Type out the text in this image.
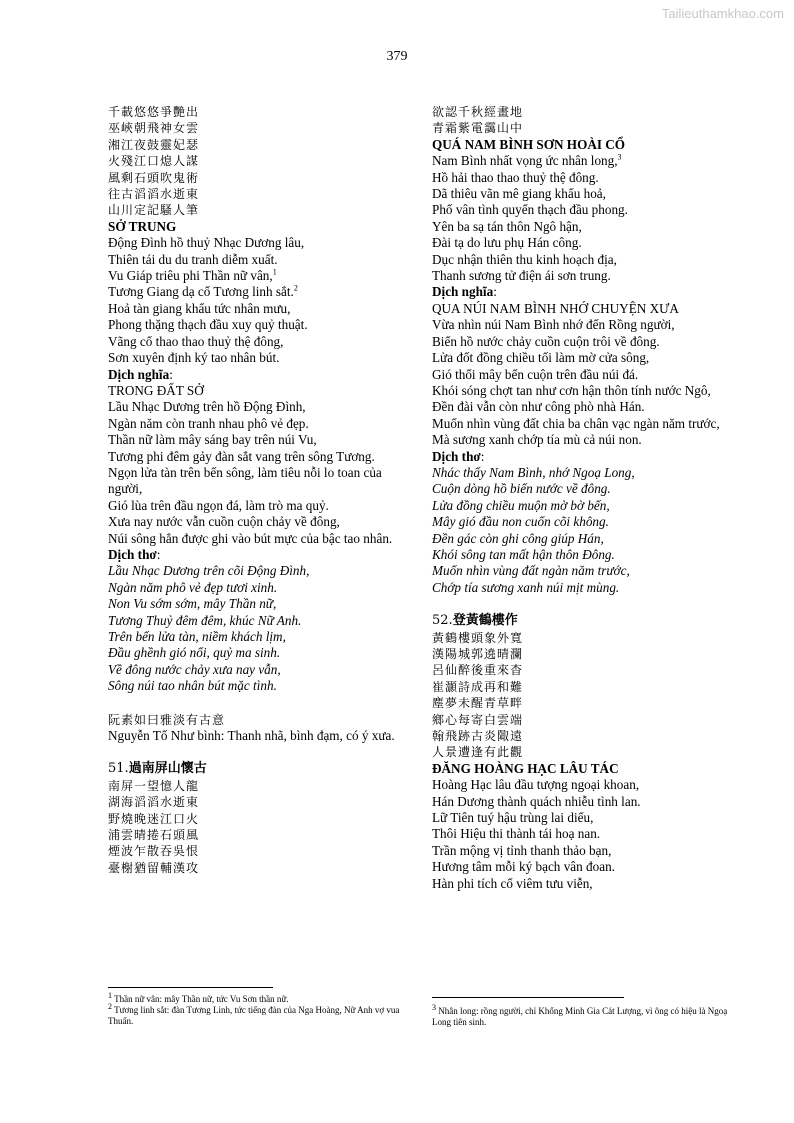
Tailieuthamkhao.com
379
千載悠悠爭艷出
巫峽朝飛神女雲
湘江夜鼓靈妃瑟
火殘江口熄人謀
風剩石頭吹鬼術
往古滔滔水逝東
山川定記騷人筆
SỞ TRUNG
Động Đình hồ thuỷ Nhạc Dương lâu,
Thiên tái du du tranh diễm xuất.
Vu Giáp triêu phi Thần nữ vân,$^1$
Tương Giang dạ cổ Tương linh sắt.$^2$
Hoả tàn giang khẩu tức nhân mưu,
Phong thặng thạch đầu xuy quỷ thuật.
Vãng cổ thao thao thuỷ thệ đông,
Sơn xuyên định ký tao nhân bút.
Dịch nghĩa:
TRONG ĐẤT SỞ
Lầu Nhạc Dương trên hồ Động Đình,
Ngàn năm còn tranh nhau phô vẻ đẹp.
Thần nữ làm mây sáng bay trên núi Vu,
Tương phi đêm gảy đàn sắt vang trên sông Tương.
Ngọn lửa tàn trên bến sông, làm tiêu nỗi lo toan của người,
Gió lùa trên đầu ngọn đá, làm trò ma quỷ.
Xưa nay nước vẫn cuồn cuộn chảy về đông,
Núi sông hẳn được ghi vào bút mực của bậc tao nhân.
Dịch thơ:
Lầu Nhạc Dương trên cõi Động Đình,
Ngàn năm phô vẻ đẹp tươi xinh.
Non Vu sớm sớm, mây Thần nữ,
Tương Thuỷ đêm đêm, khúc Nữ Anh.
Trên bến lửa tàn, niềm khách lịm,
Đầu ghềnh gió nổi, quỷ ma sinh.
Về đông nước chảy xưa nay vẫn,
Sông núi tao nhân bút mặc tình.
阮素如曰雅淡有古意
Nguyễn Tố Như bình: Thanh nhã, bình đạm, có ý xưa.
51.過南屏山懷古
南屏一望憶人龍
湖海滔滔水逝東
野燒晚迷江口火
浦雲晴捲石頭風
煙波乍散吞吳恨
臺榭猶留輔漢攻
欲認千秋經畫地
青霜紫電靄山中
QUÁ NAM BÌNH SƠN HOÀI CỔ
Nam Bình nhất vọng ức nhân long,$^3$
Hồ hải thao thao thuỷ thệ đông.
Dã thiêu vãn mê giang khẩu hoả,
Phố vân tình quyển thạch đầu phong.
Yên ba sạ tán thôn Ngô hận,
Đài tạ do lưu phụ Hán công.
Dục nhận thiên thu kinh hoạch địa,
Thanh sương tử điện ái sơn trung.
Dịch nghĩa:
QUA NÚI NAM BÌNH NHỚ CHUYỆN XƯA
Vừa nhìn núi Nam Bình nhớ đến Rồng người,
Biển hồ nước chảy cuồn cuộn trôi về đông.
Lửa đốt đồng chiều tối làm mờ cửa sông,
Gió thổi mây bến cuộn trên đầu núi đá.
Khói sóng chợt tan như cơn hận thôn tính nước Ngô,
Đền đài vẫn còn như công phò nhà Hán.
Muốn nhìn vùng đất chia ba chân vạc ngàn năm trước,
Mà sương xanh chớp tía mù cả núi non.
Dịch thơ:
Nhác thấy Nam Bình, nhớ Ngoạ Long,
Cuộn dòng hồ biển nước về đông.
Lửa đồng chiều muộn mờ bờ bến,
Mây gió đầu non cuốn cõi không.
Đền gác còn ghi công giúp Hán,
Khói sông tan mất hận thôn Đông.
Muốn nhìn vùng đất ngàn năm trước,
Chớp tía sương xanh núi mịt mùng.
52.登黃鶴樓作
黃鶴樓頭象外寬
漢陽城郭遶晴瀾
呂仙醉後重來杳
崔灝詩成再和難
塵夢未醒青草畔
鄉心每寄白雲端
翰飛跡古炎陬遠
人景遭逢有此觀
ĐĂNG HOÀNG HẠC LÂU TÁC
Hoàng Hạc lâu đầu tượng ngoại khoan,
Hán Dương thành quách nhiễu tình lan.
Lữ Tiên tuý hậu trùng lai diểu,
Thôi Hiệu thi thành tái hoạ nan.
Trần mộng vị tỉnh thanh thảo bạn,
Hương tâm mỗi ký bạch vân đoan.
Hàn phi tích cổ viêm tưu viễn,
$^1$ Thần nữ vân: mây Thần nữ, tức Vu Sơn thần nữ.
$^2$ Tương linh sắt: đàn Tương Linh, tức tiếng đàn của Nga Hoàng, Nữ Anh vợ vua Thuấn.
$^3$ Nhân long: rồng người, chỉ Khổng Minh Gia Cát Lượng, vì ông có hiệu là Ngoạ Long tiên sinh.
